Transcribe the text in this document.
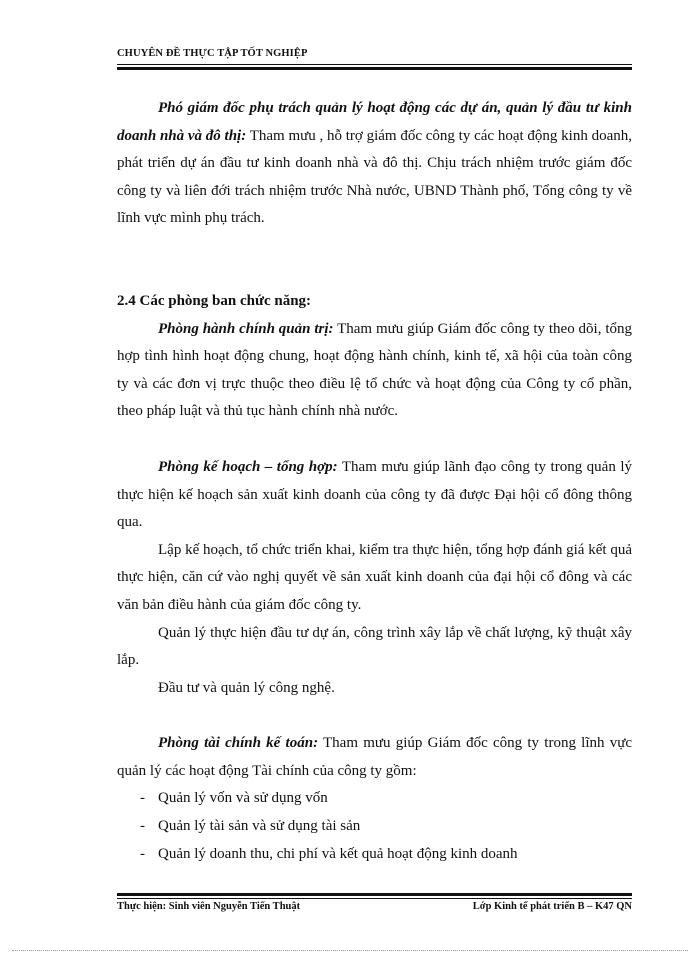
CHUYÊN ĐỀ THỰC TẬP TỐT NGHIỆP

Phó giám đốc phụ trách quản lý hoạt động các dự án, quản lý đầu tư kinh doanh nhà và đô thị: Tham mưu , hỗ trợ giám đốc công ty các hoạt động kinh doanh, phát triển dự án đầu tư kinh doanh nhà và đô thị. Chịu trách nhiệm trước giám đốc công ty và liên đới trách nhiệm trước Nhà nước, UBND Thành phố, Tổng công ty về lĩnh vực mình phụ trách.

2.4 Các phòng ban chức năng:

Phòng hành chính quản trị: Tham mưu giúp Giám đốc công ty theo dõi, tổng hợp tình hình hoạt động chung, hoạt động hành chính, kinh tế, xã hội của toàn công ty và các đơn vị trực thuộc theo điều lệ tổ chức và hoạt động của Công ty cổ phần, theo pháp luật và thủ tục hành chính nhà nước.

Phòng kế hoạch – tổng hợp: Tham mưu giúp lãnh đạo công ty trong quản lý thực hiện kế hoạch sản xuất kinh doanh của công ty đã được Đại hội cổ đông thông qua.

Lập kế hoạch, tổ chức triển khai, kiểm tra thực hiện, tổng hợp đánh giá kết quả thực hiện, căn cứ vào nghị quyết về sản xuất kinh doanh của đại hội cổ đông và các văn bản điều hành của giám đốc công ty.

Quản lý thực hiện đầu tư dự án, công trình xây lắp về chất lượng, kỹ thuật xây lắp.

Đầu tư và quản lý công nghệ.

Phòng tài chính kế toán: Tham mưu giúp Giám đốc công ty trong lĩnh vực quản lý các hoạt động Tài chính của công ty gồm:

- Quản lý vốn và sử dụng vốn
- Quản lý tài sản và sử dụng tài sản
- Quản lý doanh thu, chi phí và kết quả hoạt động kinh doanh
Thực hiện: Sinh viên Nguyễn Tiến Thuật	Lớp Kinh tế phát triển B – K47 QN
